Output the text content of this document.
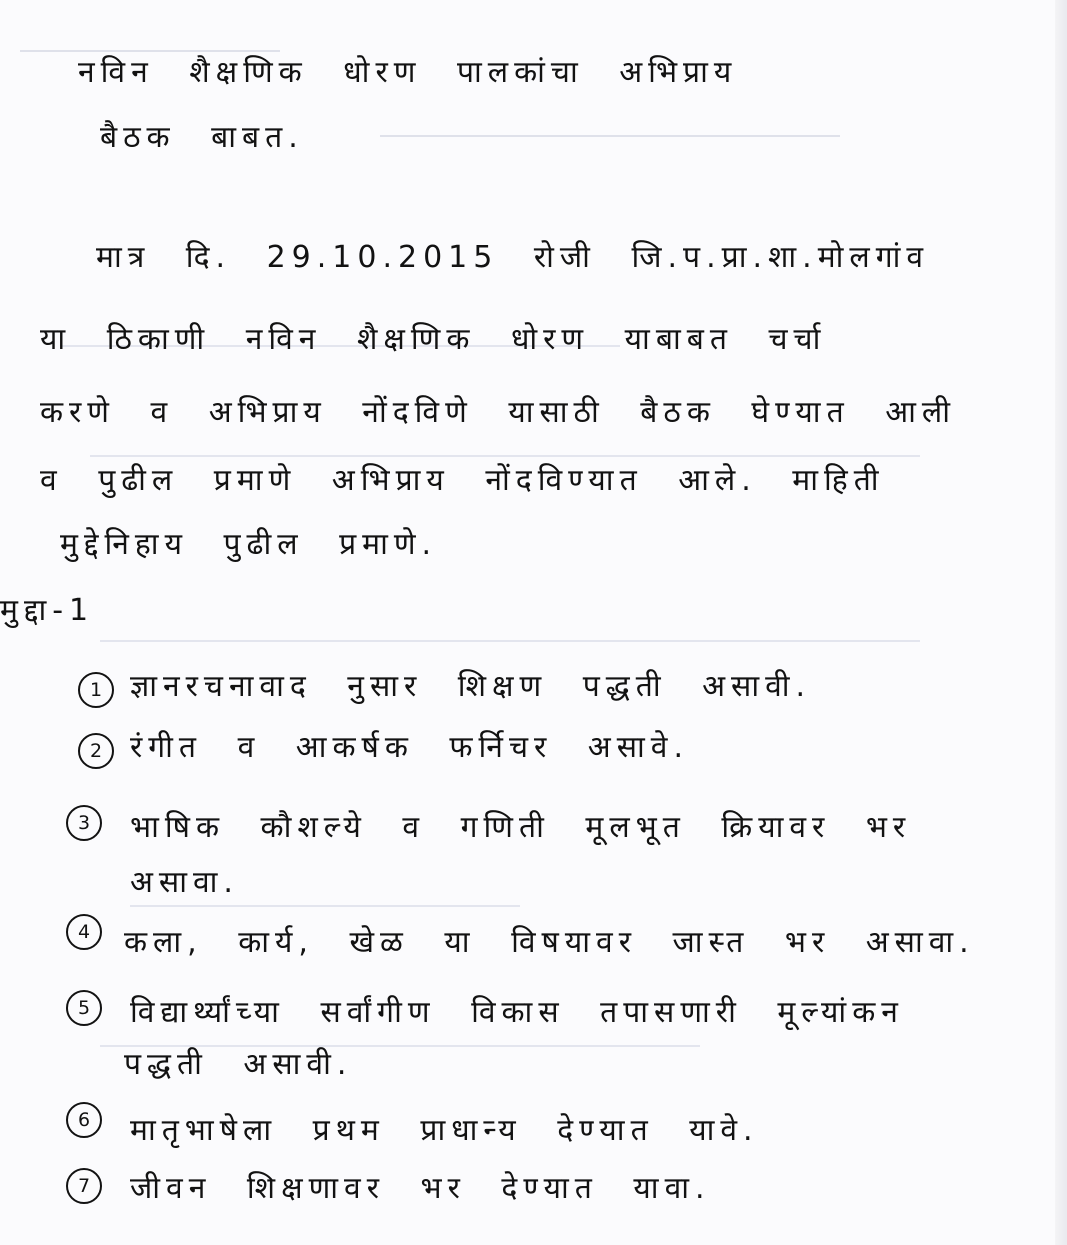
नविन शैक्षणिक धोरण पालकांचा अभिप्राय
बैठक बाबत.
मात्र दि. 29.10.2015 रोजी जि.प.प्रा.शा.मोलगांव
या ठिकाणी नविन शैक्षणिक धोरण याबाबत चर्चा
करणे व अभिप्राय नोंदविणे यासाठी बैठक घेण्यात आली
व पुढील प्रमाणे अभिप्राय नोंदविण्यात आले. माहिती
मुद्देनिहाय पुढील प्रमाणे.
मुद्दा-1
1 ज्ञानरचनावाद नुसार शिक्षण पद्धती असावी.
2 रंगीत व आकर्षक फर्निचर असावे.
3	भाषिक कौशल्ये व गणिती मूलभूत क्रियावर भर
असावा.
4	कला, कार्य, खेळ या विषयावर जास्त भर असावा.
5	विद्यार्थ्यांच्या सर्वांगीण विकास तपासणारी मूल्यांकन
पद्धती असावी.
6	मातृभाषेला प्रथम प्राधान्य देण्यात यावे.
7	जीवन शिक्षणावर भर देण्यात यावा.
